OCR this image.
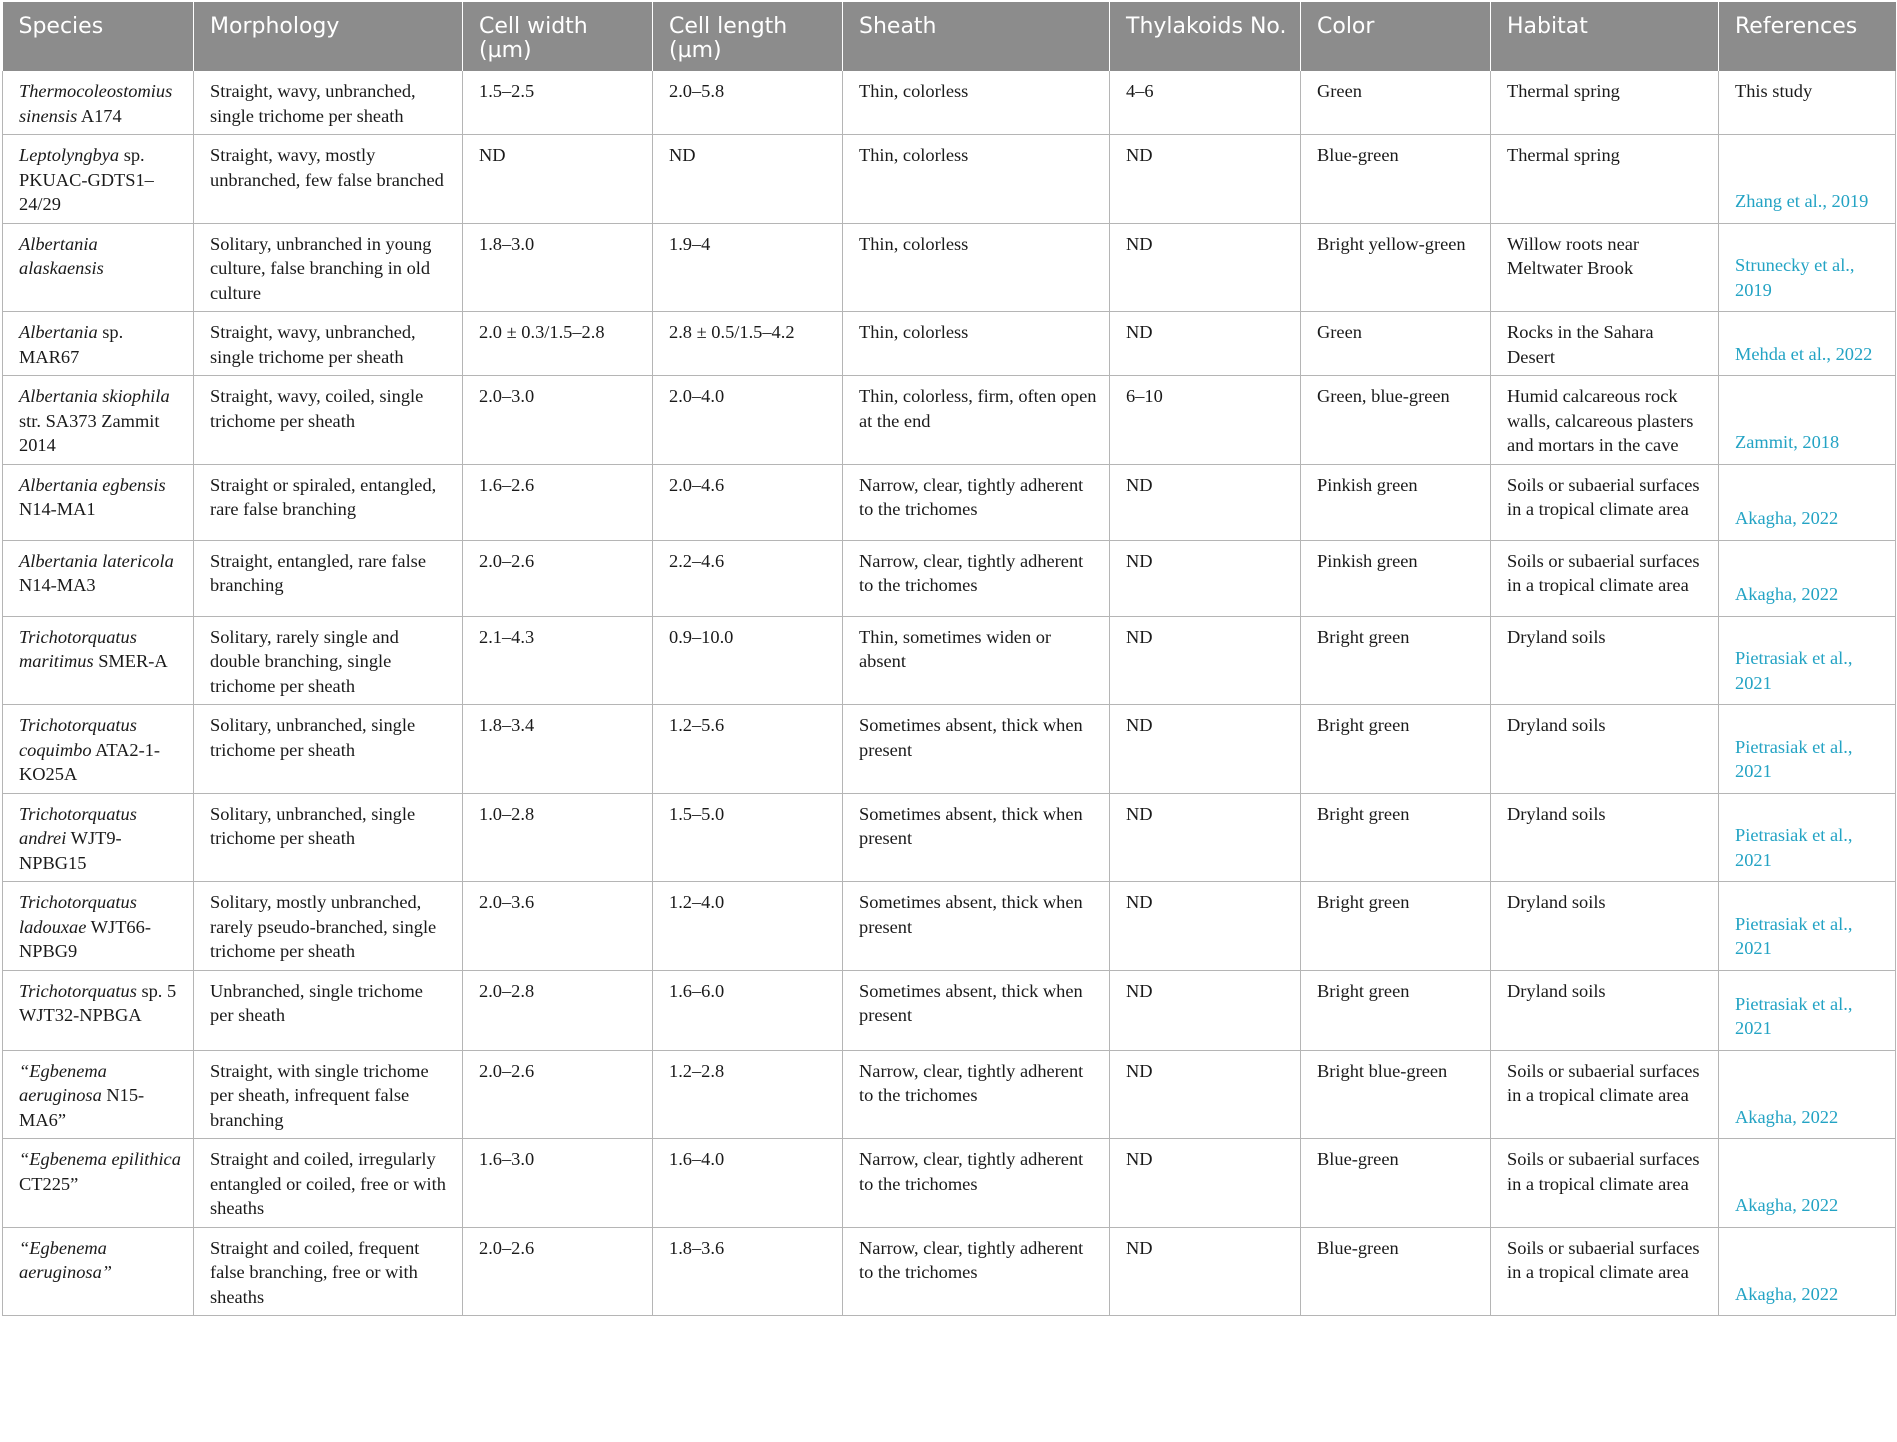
Species	Morphology	Cell width (µm)	Cell length (µm)	Sheath	Thylakoids No.	Color	Habitat	References
Thermocoleostomius sinensis A174	Straight, wavy, unbranched, single trichome per sheath	1.5–2.5	2.0–5.8	Thin, colorless	4–6	Green	Thermal spring	This study
Leptolyngbya sp. PKUAC-GDTS1–24/29	Straight, wavy, mostly unbranched, few false branched	ND	ND	Thin, colorless	ND	Blue-green	Thermal spring	Zhang et al., 2019
Albertania alaskaensis	Solitary, unbranched in young culture, false branching in old culture	1.8–3.0	1.9–4	Thin, colorless	ND	Bright yellow-green	Willow roots near Meltwater Brook	Strunecky et al., 2019
Albertania sp. MAR67	Straight, wavy, unbranched, single trichome per sheath	2.0 ± 0.3/1.5–2.8	2.8 ± 0.5/1.5–4.2	Thin, colorless	ND	Green	Rocks in the Sahara Desert	Mehda et al., 2022
Albertania skiophila str. SA373 Zammit 2014	Straight, wavy, coiled, single trichome per sheath	2.0–3.0	2.0–4.0	Thin, colorless, firm, often open at the end	6–10	Green, blue-green	Humid calcareous rock walls, calcareous plasters and mortars in the cave	Zammit, 2018
Albertania egbensis N14-MA1	Straight or spiraled, entangled, rare false branching	1.6–2.6	2.0–4.6	Narrow, clear, tightly adherent to the trichomes	ND	Pinkish green	Soils or subaerial surfaces in a tropical climate area	Akagha, 2022
Albertania latericola N14-MA3	Straight, entangled, rare false branching	2.0–2.6	2.2–4.6	Narrow, clear, tightly adherent to the trichomes	ND	Pinkish green	Soils or subaerial surfaces in a tropical climate area	Akagha, 2022
Trichotorquatus maritimus SMER-A	Solitary, rarely single and double branching, single trichome per sheath	2.1–4.3	0.9–10.0	Thin, sometimes widen or absent	ND	Bright green	Dryland soils	Pietrasiak et al., 2021
Trichotorquatus coquimbo ATA2-1-KO25A	Solitary, unbranched, single trichome per sheath	1.8–3.4	1.2–5.6	Sometimes absent, thick when present	ND	Bright green	Dryland soils	Pietrasiak et al., 2021
Trichotorquatus andrei WJT9-NPBG15	Solitary, unbranched, single trichome per sheath	1.0–2.8	1.5–5.0	Sometimes absent, thick when present	ND	Bright green	Dryland soils	Pietrasiak et al., 2021
Trichotorquatus ladouxae WJT66-NPBG9	Solitary, mostly unbranched, rarely pseudo-branched, single trichome per sheath	2.0–3.6	1.2–4.0	Sometimes absent, thick when present	ND	Bright green	Dryland soils	Pietrasiak et al., 2021
Trichotorquatus sp. 5 WJT32-NPBGA	Unbranched, single trichome per sheath	2.0–2.8	1.6–6.0	Sometimes absent, thick when present	ND	Bright green	Dryland soils	Pietrasiak et al., 2021
“Egbenema aeruginosa N15-MA6”	Straight, with single trichome per sheath, infrequent false branching	2.0–2.6	1.2–2.8	Narrow, clear, tightly adherent to the trichomes	ND	Bright blue-green	Soils or subaerial surfaces in a tropical climate area	Akagha, 2022
“Egbenema epilithica CT225”	Straight and coiled, irregularly entangled or coiled, free or with sheaths	1.6–3.0	1.6–4.0	Narrow, clear, tightly adherent to the trichomes	ND	Blue-green	Soils or subaerial surfaces in a tropical climate area	Akagha, 2022
“Egbenema aeruginosa”	Straight and coiled, frequent false branching, free or with sheaths	2.0–2.6	1.8–3.6	Narrow, clear, tightly adherent to the trichomes	ND	Blue-green	Soils or subaerial surfaces in a tropical climate area	Akagha, 2022
